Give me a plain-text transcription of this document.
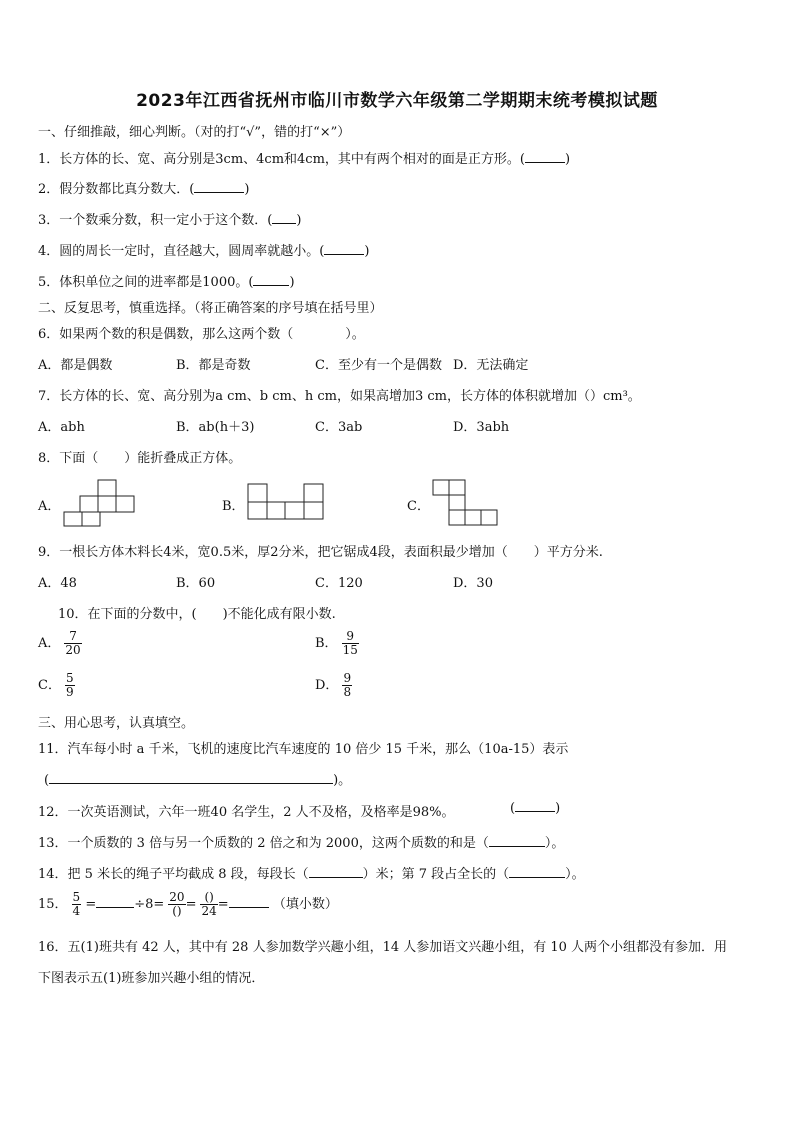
2023年江西省抚州市临川市数学六年级第二学期期末统考模拟试题
一、仔细推敲，细心判断。（对的打“√”，错的打“×”）
1．长方体的长、宽、高分别是3cm、4cm和4cm，其中有两个相对的面是正方形。(	)
2．假分数都比真分数大．(	)
3．一个数乘分数，积一定小于这个数．( )
4．圆的周长一定时，直径越大，圆周率就越小。(	)
5．体积单位之间的进率都是1000。(	)
二、反复思考，慎重选择。（将正确答案的序号填在括号里）
6．如果两个数的积是偶数，那么这两个数（　　　　）。
A．都是偶数	B．都是奇数	C．至少有一个是偶数 D．无法确定
7．长方体的长、宽、高分别为a cm、b cm、h cm，如果高增加3 cm，长方体的体积就增加（）cm³。
A．abh	B．ab(h＋3)	C．3ab	D．3abh
8．下面（　　）能折叠成正方体。
A．	B．	C．
9．一根长方体木料长4米，宽0.5米，厚2分米，把它锯成4段，表面积最少增加（　　）平方分米.
A．48	B．60	C．120	D．30
10．在下面的分数中，(　　)不能化成有限小数.
A． $\frac{7}{20}$	B． $\frac{9}{15}$
C． $\frac{5}{9}$	D． $\frac{9}{8}$
三、用心思考，认真填空。
11．汽车每小时 a 千米，飞机的速度比汽车速度的 10 倍少 15 千米，那么（10a-15）表示
(	)。
12．一次英语测试，六年一班40 名学生，2 人不及格，及格率是98%。	(	)
13．一个质数的 3 倍与另一个质数的 2 倍之和为 2000，这两个质数的和是（	）。
14．把 5 米长的绳子平均截成 8 段，每段长（	）米；第 7 段占全长的（	）。
15． $\frac{5}{4}$ =	$\div 8= \frac{20}{()} = \frac{()}{24}$ =	（填小数）
16．五(1)班共有 42 人，其中有 28 人参加数学兴趣小组，14 人参加语文兴趣小组，有 10 人两个小组都没有参加．用
下图表示五(1)班参加兴趣小组的情况．
